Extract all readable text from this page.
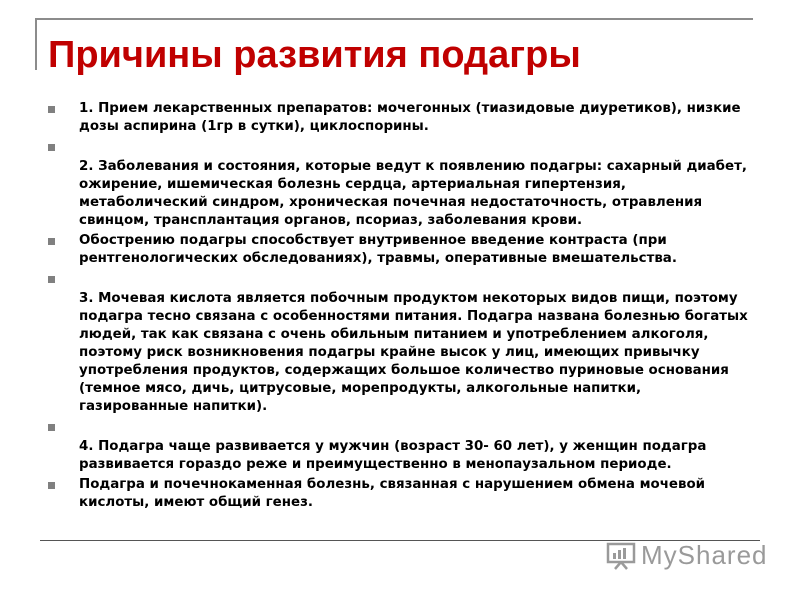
Причины развития подагры
1. Прием лекарственных препаратов: мочегонных (тиазидовые диуретиков), низкие дозы аспирина (1гр в сутки), циклоспорины.
2. Заболевания и состояния, которые ведут к появлению подагры: сахарный диабет, ожирение, ишемическая болезнь сердца, артериальная гипертензия, метаболический синдром, хроническая почечная недостаточность, отравления свинцом, трансплантация органов, псориаз, заболевания крови.
Обострению подагры способствует внутривенное введение контраста (при рентгенологических обследованиях), травмы, оперативные вмешательства.
3. Мочевая кислота является побочным продуктом некоторых видов пищи, поэтому подагра тесно связана с особенностями питания. Подагра названа болезнью богатых людей, так как связана с очень обильным питанием и употреблением алкоголя, поэтому риск возникновения подагры крайне высок у лиц, имеющих привычку употребления продуктов, содержащих большое количество пуриновые основания (темное мясо, дичь, цитрусовые, морепродукты, алкогольные напитки, газированные напитки).
4. Подагра чаще развивается у мужчин (возраст 30- 60 лет), у женщин подагра развивается гораздо реже и преимущественно в менопаузальном периоде.
Подагра и почечнокаменная болезнь, связанная с нарушением обмена мочевой кислоты, имеют общий генез.
MyShared
